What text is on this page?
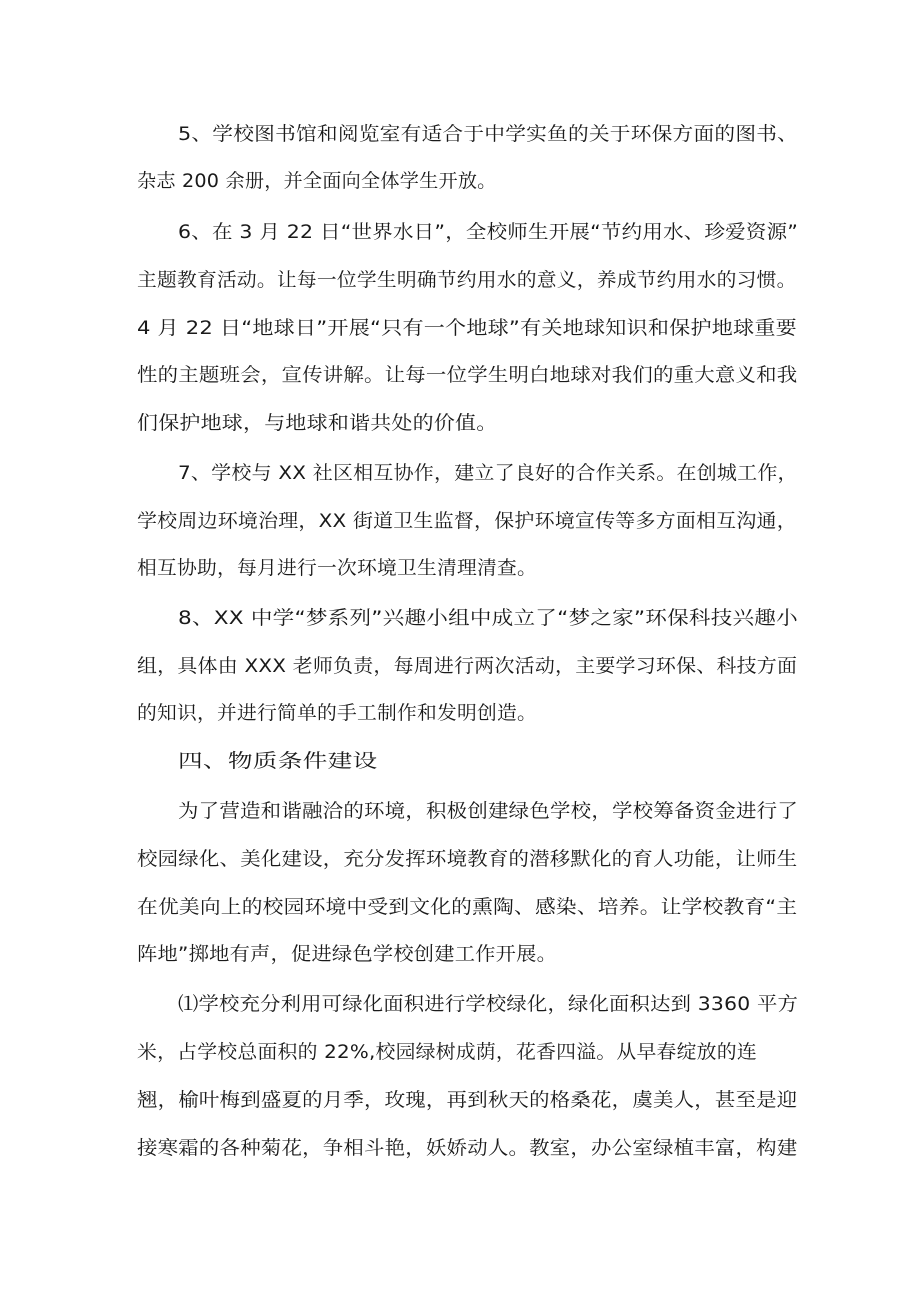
5、学校图书馆和阅览室有适合于中学实鱼的关于环保方面的图书、
杂志 200 余册，并全面向全体学生开放。
6、在 3 月 22 日“世界水日”，全校师生开展“节约用水、珍爱资源”
主题教育活动。让每一位学生明确节约用水的意义，养成节约用水的习惯。
4 月 22 日“地球日”开展“只有一个地球”有关地球知识和保护地球重要
性的主题班会，宣传讲解。让每一位学生明白地球对我们的重大意义和我
们保护地球，与地球和谐共处的价值。
7、学校与 XX 社区相互协作，建立了良好的合作关系。在创城工作，
学校周边环境治理，XX 街道卫生监督，保护环境宣传等多方面相互沟通，
相互协助，每月进行一次环境卫生清理清查。
8、XX 中学“梦系列”兴趣小组中成立了“梦之家”环保科技兴趣小
组，具体由 XXX 老师负责，每周进行两次活动，主要学习环保、科技方面
的知识，并进行简单的手工制作和发明创造。
四、物质条件建设
为了营造和谐融洽的环境，积极创建绿色学校，学校筹备资金进行了
校园绿化、美化建设，充分发挥环境教育的潜移默化的育人功能，让师生
在优美向上的校园环境中受到文化的熏陶、感染、培养。让学校教育“主
阵地”掷地有声，促进绿色学校创建工作开展。
⑴学校充分利用可绿化面积进行学校绿化，绿化面积达到 3360 平方
米，占学校总面积的 22%,校园绿树成荫，花香四溢。从早春绽放的连
翘，榆叶梅到盛夏的月季，玫瑰，再到秋天的格桑花，虞美人，甚至是迎
接寒霜的各种菊花，争相斗艳，妖娇动人。教室，办公室绿植丰富，构建
